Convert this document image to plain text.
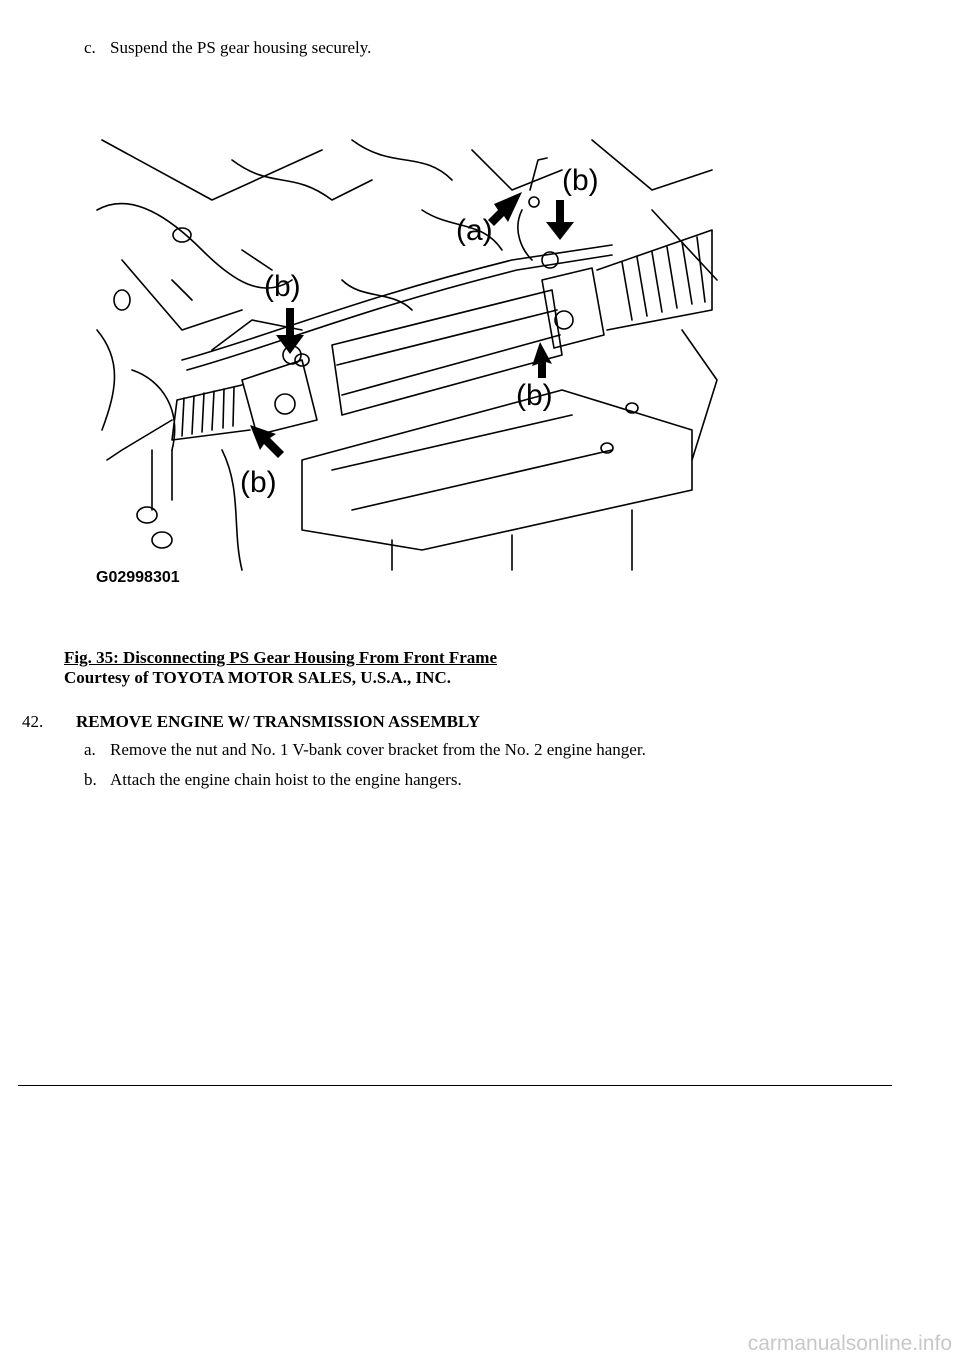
c. Suspend the PS gear housing securely.
(b)
(a)
(b)
(b)
(b)
G02998301
Fig. 35: Disconnecting PS Gear Housing From Front Frame
Courtesy of TOYOTA MOTOR SALES, U.S.A., INC.
42. REMOVE ENGINE W/ TRANSMISSION ASSEMBLY
a. Remove the nut and No. 1 V-bank cover bracket from the No. 2 engine hanger.
b. Attach the engine chain hoist to the engine hangers.
carmanualsonline.info
